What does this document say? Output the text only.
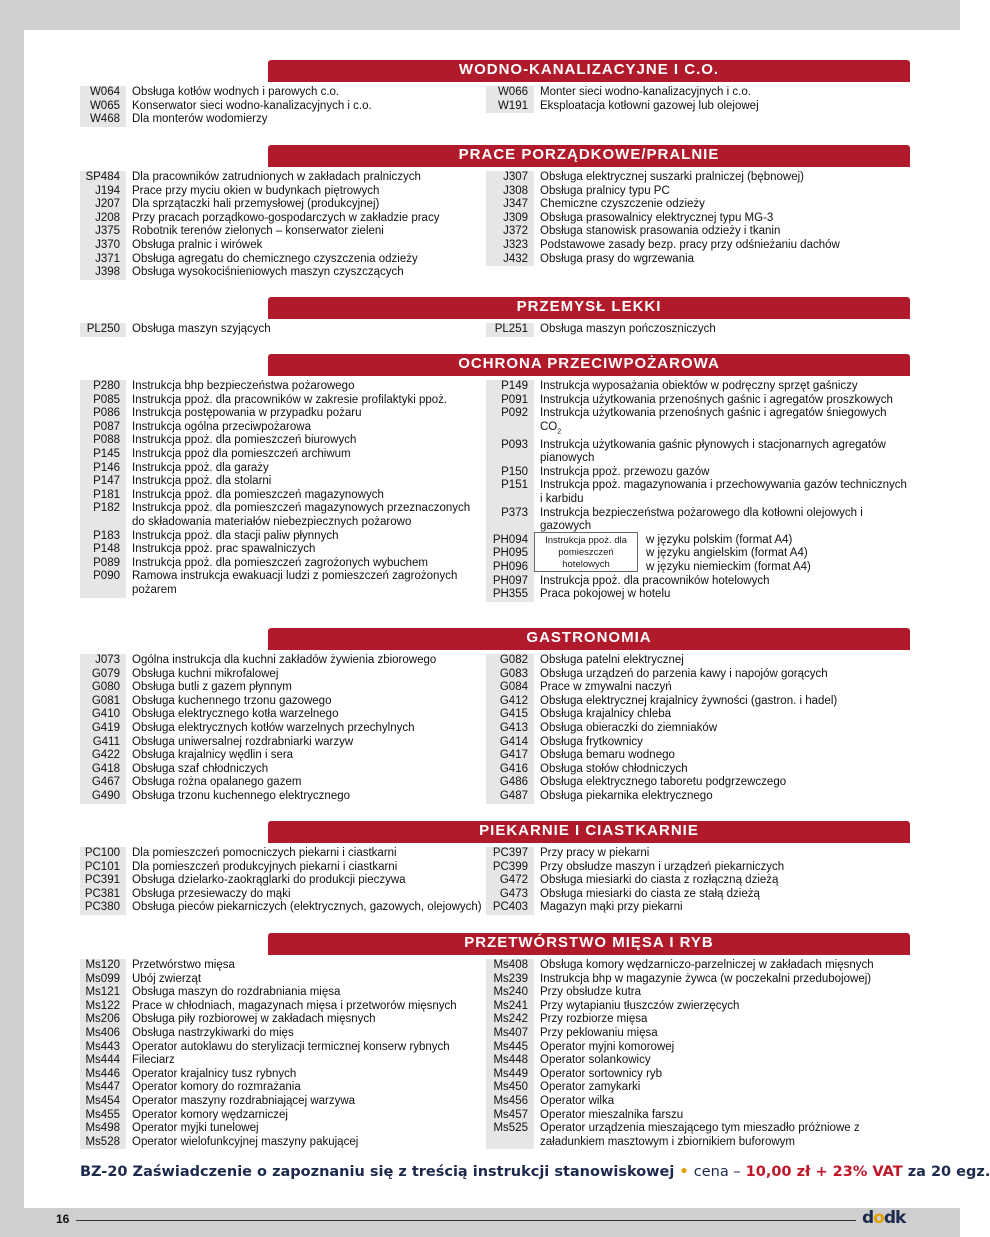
WODNO-KANALIZACYJNE I C.O.
W064	Obsługa kotłów wodnych i parowych c.o.
W065	Konserwator sieci wodno-kanalizacyjnych i c.o.
W468	Dla monterów wodomierzy
W066	Monter sieci wodno-kanalizacyjnych i c.o.
W191	Eksploatacja kotłowni gazowej lub olejowej
PRACE PORZĄDKOWE/PRALNIE
SP484	Dla pracowników zatrudnionych w zakładach pralniczych
J194	Prace przy myciu okien w budynkach piętrowych
J207	Dla sprzątaczki hali przemysłowej (produkcyjnej)
J208	Przy pracach porządkowo-gospodarczych w zakładzie pracy
J375	Robotnik terenów zielonych – konserwator zieleni
J370	Obsługa pralnic i wirówek
J371	Obsługa agregatu do chemicznego czyszczenia odzieży
J398	Obsługa wysokociśnieniowych maszyn czyszczących
J307	Obsługa elektrycznej suszarki pralniczej (bębnowej)
J308	Obsługa pralnicy typu PC
J347	Chemiczne czyszczenie odzieży
J309	Obsługa prasowalnicy elektrycznej typu MG-3
J372	Obsługa stanowisk prasowania odzieży i tkanin
J323	Podstawowe zasady bezp. pracy przy odśnieżaniu dachów
J432	Obsługa prasy do wgrzewania
PRZEMYSŁ LEKKI
PL250	Obsługa maszyn szyjących	PL251	Obsługa maszyn pończoszniczych
OCHRONA PRZECIWPOŻAROWA
P280	Instrukcja bhp bezpieczeństwa pożarowego
P085	Instrukcja ppoż. dla pracowników w zakresie profilaktyki ppoż.
P086	Instrukcja postępowania w przypadku pożaru
P087	Instrukcja ogólna przeciwpożarowa
P088	Instrukcja ppoż. dla pomieszczeń biurowych
P145	Instrukcja ppoż dla pomieszczeń archiwum
P146	Instrukcja ppoż. dla garaży
P147	Instrukcja ppoż. dla stolarni
P181	Instrukcja ppoż. dla pomieszczeń magazynowych
P182	Instrukcja ppoż. dla pomieszczeń magazynowych przeznaczonych do składowania materiałów niebezpiecznych pożarowo
P183	Instrukcja ppoż. dla stacji paliw płynnych
P148	Instrukcja ppoż. prac spawalniczych
P089	Instrukcja ppoż. dla pomieszczeń zagrożonych wybuchem
P090	Ramowa instrukcja ewakuacji ludzi z pomieszczeń zagrożonych pożarem
P149	Instrukcja wyposażania obiektów w podręczny sprzęt gaśniczy
P091	Instrukcja użytkowania przenośnych gaśnic i agregatów proszkowych
P092	Instrukcja użytkowania przenośnych gaśnic i agregatów śniegowych $CO_2$
P093	Instrukcja użytkowania gaśnic płynowych i stacjonarnych agregatów pianowych
P150	Instrukcja ppoż. przewozu gazów
P151	Instrukcja ppoż. magazynowania i przechowywania gazów technicznych i karbidu
P373	Instrukcja bezpieczeństwa pożarowego dla kotłowni olejowych i gazowych
Instrukcja ppoż. dla pomieszczeń hotelowych
PH094	w języku polskim (format A4)
PH095	w języku angielskim (format A4)
PH096	w języku niemieckim (format A4)
PH097	Instrukcja ppoż. dla pracowników hotelowych
PH355	Praca pokojowej w hotelu
GASTRONOMIA
J073	Ogólna instrukcja dla kuchni zakładów żywienia zbiorowego
G079	Obsługa kuchni mikrofalowej
G080	Obsługa butli z gazem płynnym
G081	Obsługa kuchennego trzonu gazowego
G410	Obsługa elektrycznego kotła warzelnego
G419	Obsługa elektrycznych kotłów warzelnych przechylnych
G411	Obsługa uniwersalnej rozdrabniarki warzyw
G422	Obsługa krajalnicy wędlin i sera
G418	Obsługa szaf chłodniczych
G467	Obsługa rożna opalanego gazem
G490	Obsługa trzonu kuchennego elektrycznego
G082	Obsługa patelni elektrycznej
G083	Obsługa urządzeń do parzenia kawy i napojów gorących
G084	Prace w zmywalni naczyń
G412	Obsługa elektrycznej krajalnicy żywności (gastron. i hadel)
G415	Obsługa krajalnicy chleba
G413	Obsługa obieraczki do ziemniaków
G414	Obsługa frytkownicy
G417	Obsługa bemaru wodnego
G416	Obsługa stołów chłodniczych
G486	Obsługa elektrycznego taboretu podgrzewczego
G487	Obsługa piekarnika elektrycznego
PIEKARNIE I CIASTKARNIE
PC100	Dla pomieszczeń pomocniczych piekarni i ciastkarni
PC101	Dla pomieszczeń produkcyjnych piekarni i ciastkarni
PC391	Obsługa dzielarko-zaokrąglarki do produkcji pieczywa
PC381	Obsługa przesiewaczy do mąki
PC380	Obsługa pieców piekarniczych (elektrycznych, gazowych, olejowych)
PC397	Przy pracy w piekarni
PC399	Przy obsłudze maszyn i urządzeń piekarniczych
G472	Obsługa miesiarki do ciasta z rozłączną dzieżą
G473	Obsługa miesiarki do ciasta ze stałą dzieżą
PC403	Magazyn mąki przy piekarni
PRZETWÓRSTWO MIĘSA I RYB
Ms120	Przetwórstwo mięsa
Ms099	Ubój zwierząt
Ms121	Obsługa maszyn do rozdrabniania mięsa
Ms122	Prace w chłodniach, magazynach mięsa i przetworów mięsnych
Ms206	Obsługa piły rozbiorowej w zakładach mięsnych
Ms406	Obsługa nastrzykiwarki do mięs
Ms443	Operator autoklawu do sterylizacji termicznej konserw rybnych
Ms444	Fileciarz
Ms446	Operator krajalnicy tusz rybnych
Ms447	Operator komory do rozmrażania
Ms454	Operator maszyny rozdrabniającej warzywa
Ms455	Operator komory wędzarniczej
Ms498	Operator myjki tunelowej
Ms528	Operator wielofunkcyjnej maszyny pakującej
Ms408	Obsługa komory wędzarniczo-parzelniczej w zakładach mięsnych
Ms239	Instrukcja bhp w magazynie żywca (w poczekalni przedubojowej)
Ms240	Przy obsłudze kutra
Ms241	Przy wytapianiu tłuszczów zwierzęcych
Ms242	Przy rozbiorze mięsa
Ms407	Przy peklowaniu mięsa
Ms445	Operator myjni komorowej
Ms448	Operator solankowicy
Ms449	Operator sortownicy ryb
Ms450	Operator zamykarki
Ms456	Operator wilka
Ms457	Operator mieszalnika farszu
Ms525	Operator urządzenia mieszającego tym mieszadło próżniowe z załadunkiem masztowym i zbiornikiem buforowym
BZ-20 Zaświadczenie o zapoznaniu się z treścią instrukcji stanowiskowej • cena – 10,00 zł + 23% VAT za 20 egz.
16	dodk
